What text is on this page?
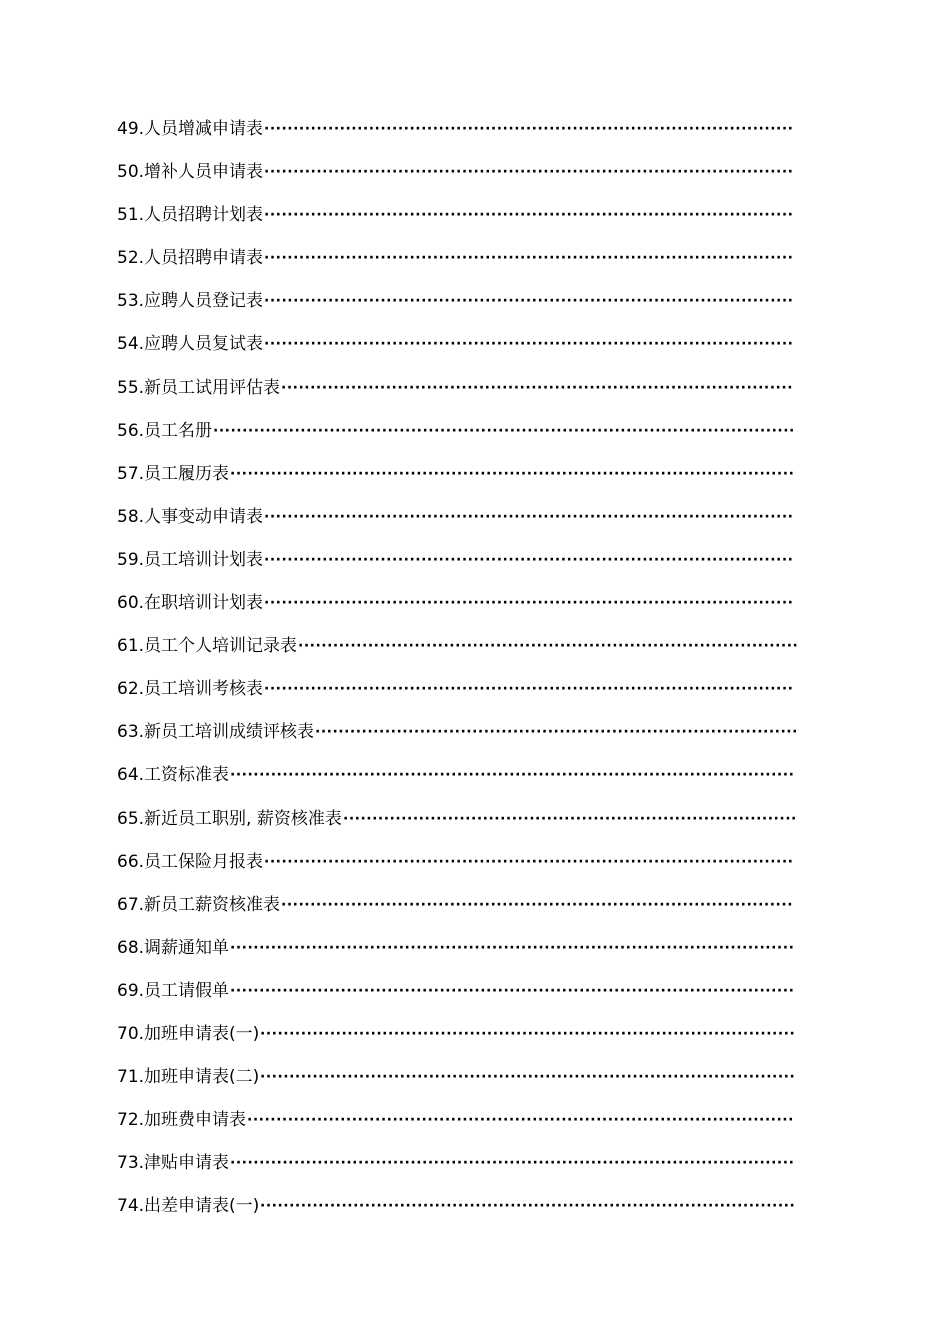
49.人员增减申请表 ···························································································
50.增补人员申请表 ···························································································
51.人员招聘计划表 ···························································································
52.人员招聘申请表 ···························································································
53.应聘人员登记表 ···························································································
54.应聘人员复试表 ···························································································
55.新员工试用评估表 ························································································
56.员工名册 ····································································································
57.员工履历表 ·································································································
58.人事变动申请表 ···························································································
59.员工培训计划表 ···························································································
60.在职培训计划表 ···························································································
61.员工个人培训记录表 ······················································································
62.员工培训考核表 ···························································································
63.新员工培训成绩评核表 ···················································································
64.工资标准表 ·································································································
65.新近员工职别, 薪资核准表 ··············································································
66.员工保险月报表 ···························································································
67.新员工薪资核准表 ························································································
68.调薪通知单 ·································································································
69.员工请假单 ·································································································
70.加班申请表(一) ····························································································
71.加班申请表(二) ····························································································
72.加班费申请表 ······························································································
73.津贴申请表 ·································································································
74.出差申请表(一) ····························································································
